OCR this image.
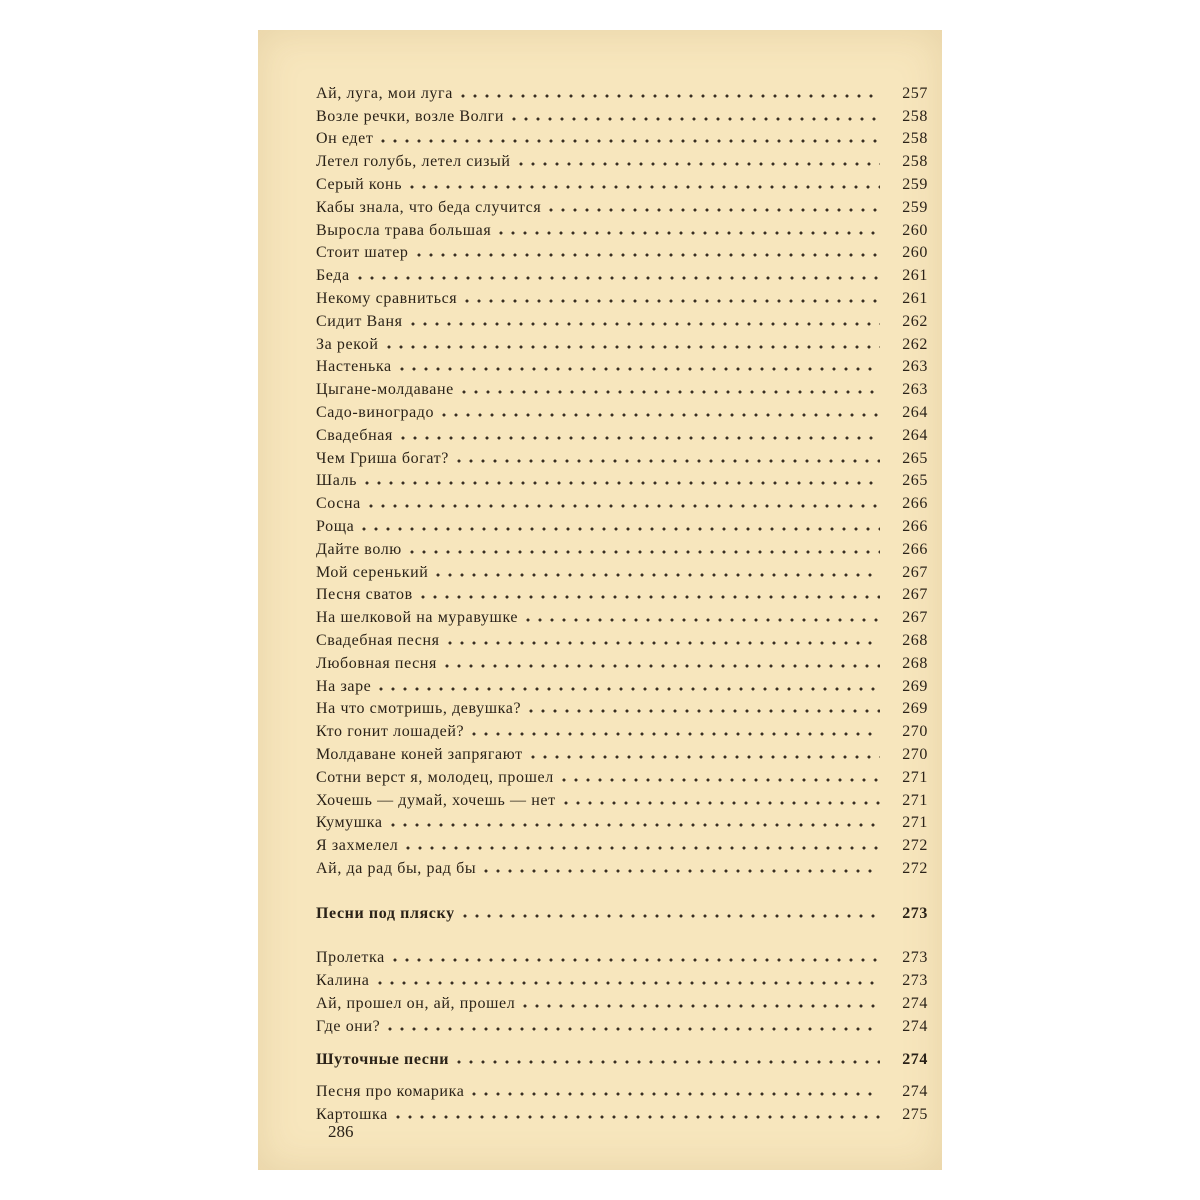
Ай, луга, мои луга	257
Возле речки, возле Волги	258
Он едет	258
Летел голубь, летел сизый	258
Серый конь	259
Кабы знала, что беда случится	259
Выросла трава большая	260
Стоит шатер	260
Беда	261
Некому сравниться	261
Сидит Ваня	262
За рекой	262
Настенька	263
Цыгане-молдаване	263
Садо-виноградо	264
Свадебная	264
Чем Гриша богат?	265
Шаль	265
Сосна	266
Роща	266
Дайте волю	266
Мой серенький	267
Песня сватов	267
На шелковой на муравушке	267
Свадебная песня	268
Любовная песня	268
На заре	269
На что смотришь, девушка?	269
Кто гонит лошадей?	270
Молдаване коней запрягают	270
Сотни верст я, молодец, прошел	271
Хочешь — думай, хочешь — нет	271
Кумушка	271
Я захмелел	272
Ай, да рад бы, рад бы	272
Песни под пляску	273
Пролетка	273
Калина	273
Ай, прошел он, ай, прошел	274
Где они?	274
Шуточные песни	274
Песня про комарика	274
Картошка	275
286
